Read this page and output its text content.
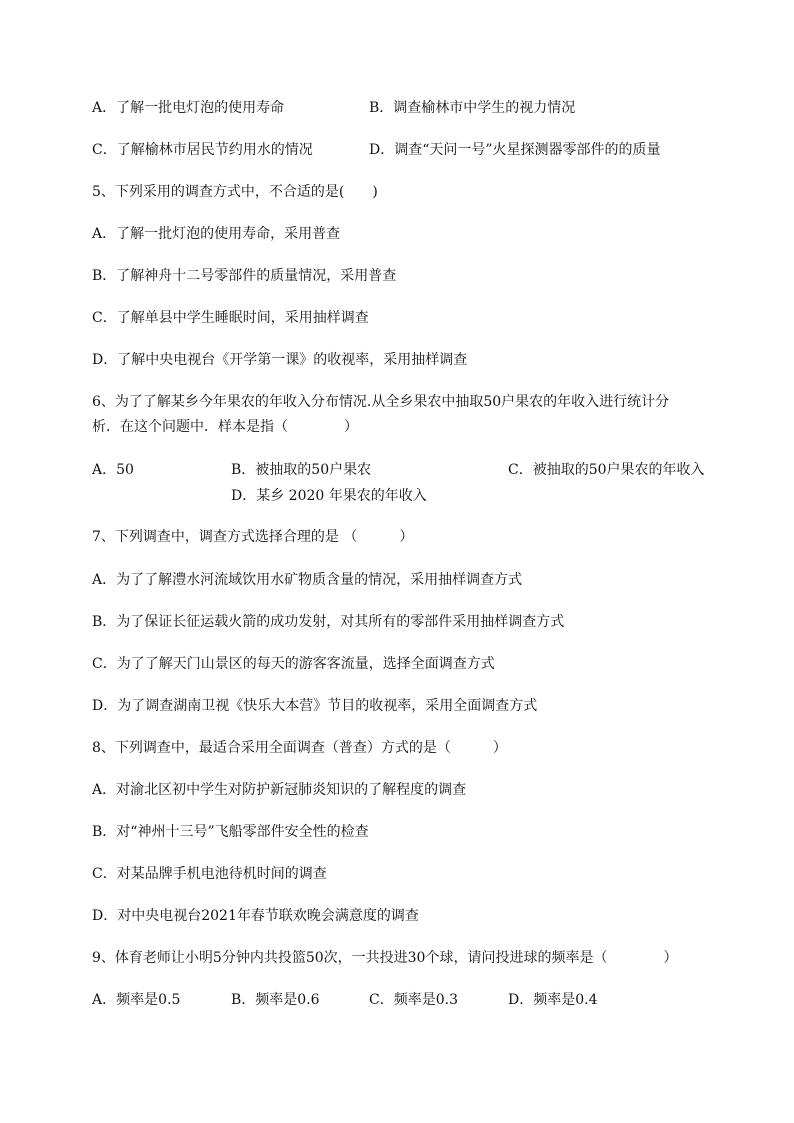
A．了解一批电灯泡的使用寿命	B．调查榆林市中学生的视力情况
C．了解榆林市居民节约用水的情况	D．调查“天问一号”火星探测器零部件的的质量
5、下列采用的调查方式中，不合适的是(　　)
A．了解一批灯泡的使用寿命，采用普查
B．了解神舟十二号零部件的质量情况，采用普查
C．了解单县中学生睡眠时间，采用抽样调查
D．了解中央电视台《开学第一课》的收视率，采用抽样调查
6、为了了解某乡今年果农的年收入分布情况.从全乡果农中抽取50户果农的年收入进行统计分
析．在这个问题中．样本是指（　　　　）
A．50	B．被抽取的50户果农	C．被抽取的50户果农的年收入
D．某乡 2020 年果农的年收入
7、下列调查中，调查方式选择合理的是 （　　　）
A．为了了解澧水河流域饮用水矿物质含量的情况，采用抽样调查方式
B．为了保证长征运载火箭的成功发射，对其所有的零部件采用抽样调查方式
C．为了了解天门山景区的每天的游客客流量，选择全面调查方式
D．为了调查湖南卫视《快乐大本营》节目的收视率，采用全面调查方式
8、下列调查中，最适合采用全面调查（普查）方式的是（　　　）
A．对渝北区初中学生对防护新冠肺炎知识的了解程度的调查
B．对“神州十三号”飞船零部件安全性的检查
C．对某品牌手机电池待机时间的调查
D．对中央电视台2021年春节联欢晚会满意度的调查
9、体育老师让小明5分钟内共投篮50次，一共投进30个球，请问投进球的频率是（　　　　）
A．频率是0.5	B．频率是0.6	C．频率是0.3	D．频率是0.4
